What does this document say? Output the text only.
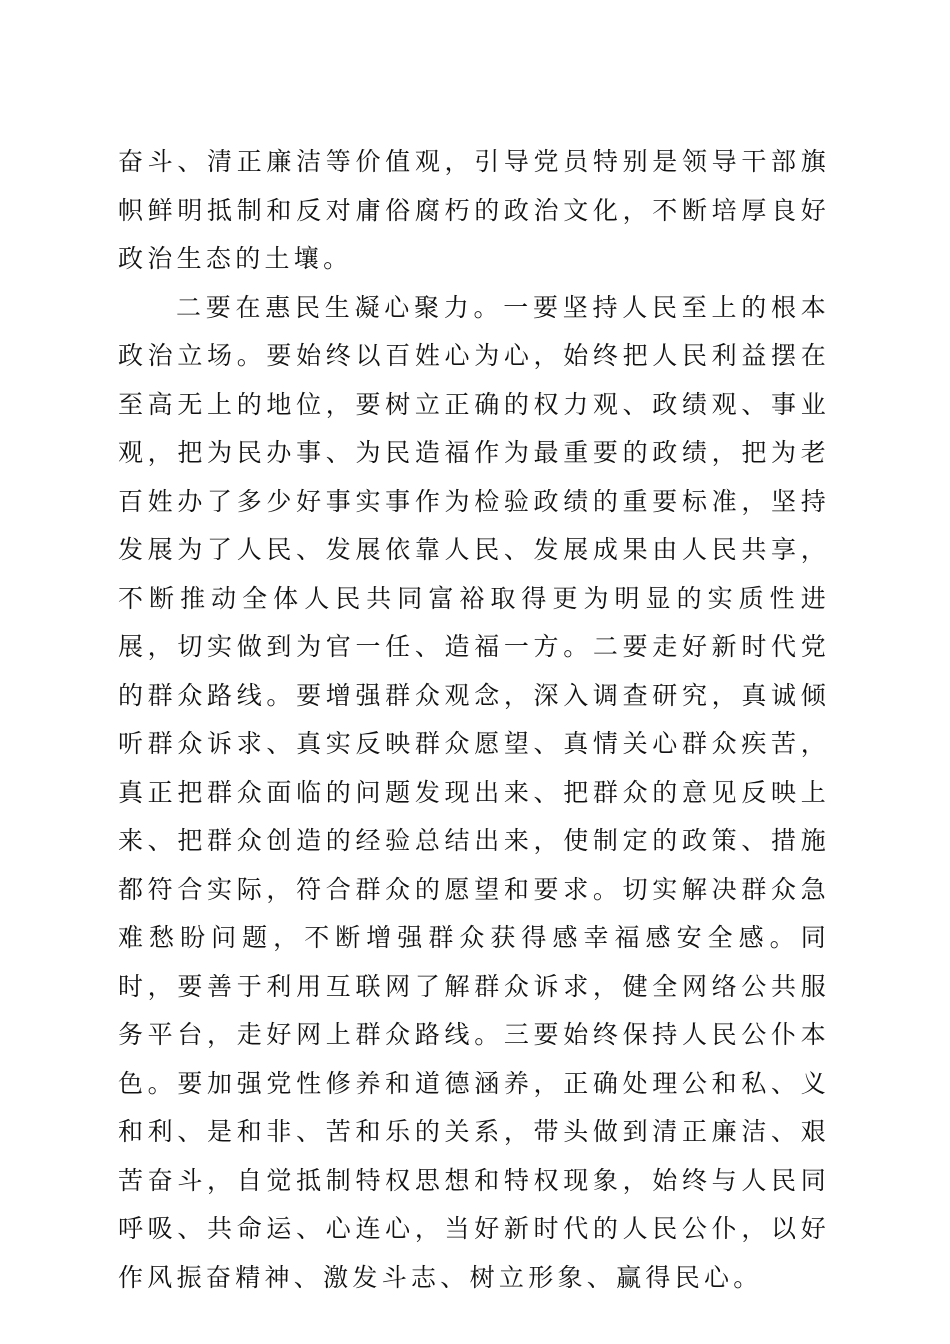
奋斗、清正廉洁等价值观，引导党员特别是领导干部旗帜鲜明抵制和反对庸俗腐朽的政治文化，不断培厚良好政治生态的土壤。

二要在惠民生凝心聚力。一要坚持人民至上的根本政治立场。要始终以百姓心为心，始终把人民利益摆在至高无上的地位，要树立正确的权力观、政绩观、事业观，把为民办事、为民造福作为最重要的政绩，把为老百姓办了多少好事实事作为检验政绩的重要标准，坚持发展为了人民、发展依靠人民、发展成果由人民共享，不断推动全体人民共同富裕取得更为明显的实质性进展，切实做到为官一任、造福一方。二要走好新时代党的群众路线。要增强群众观念，深入调查研究，真诚倾听群众诉求、真实反映群众愿望、真情关心群众疾苦，真正把群众面临的问题发现出来、把群众的意见反映上来、把群众创造的经验总结出来，使制定的政策、措施都符合实际，符合群众的愿望和要求。切实解决群众急难愁盼问题，不断增强群众获得感幸福感安全感。同时，要善于利用互联网了解群众诉求，健全网络公共服务平台，走好网上群众路线。三要始终保持人民公仆本色。要加强党性修养和道德涵养，正确处理公和私、义和利、是和非、苦和乐的关系，带头做到清正廉洁、艰苦奋斗，自觉抵制特权思想和特权现象，始终与人民同呼吸、共命运、心连心，当好新时代的人民公仆，以好作风振奋精神、激发斗志、树立形象、赢得民心。
